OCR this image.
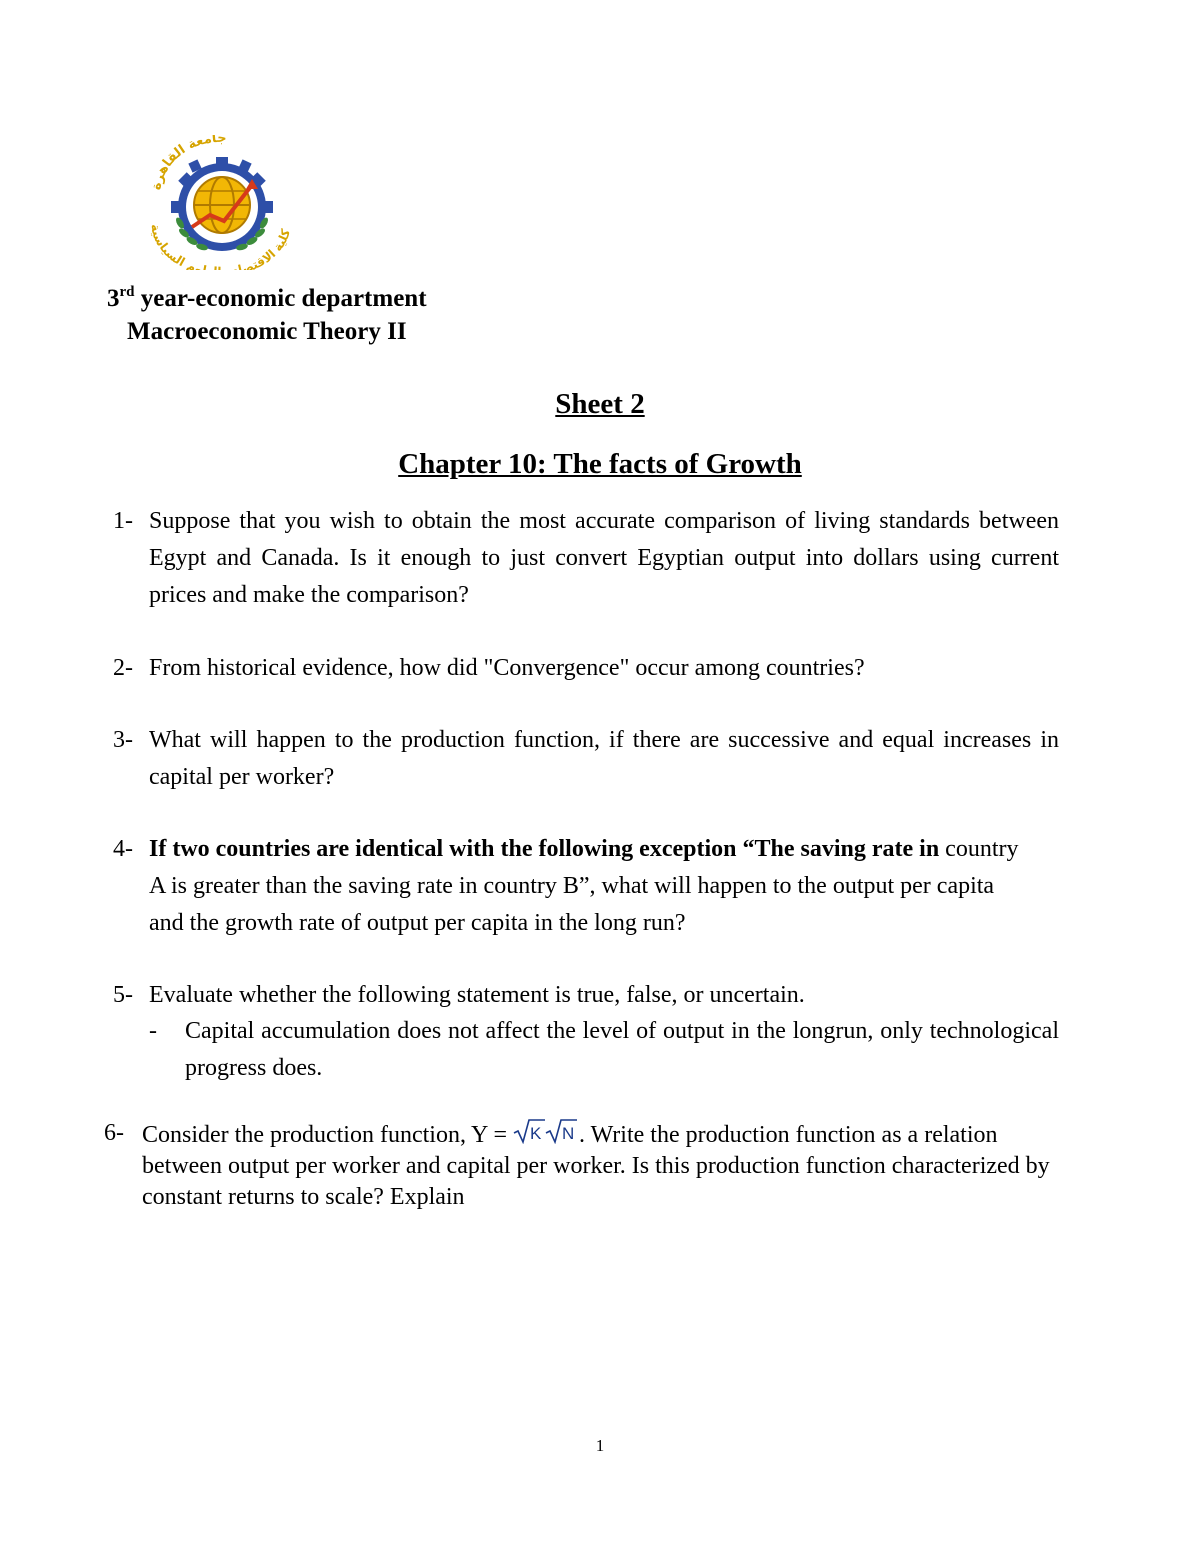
جامعة القاهرة
كلية الاقتصاد وم السياسية
3rd year-economic department
Macroeconomic Theory II
Sheet 2
Chapter 10: The facts of Growth
1- Suppose that you wish to obtain the most accurate comparison of living standards between Egypt and Canada. Is it enough to just convert Egyptian output into dollars using current prices and make the comparison?
2- From historical evidence, how did "Convergence" occur among countries?
3- What will happen to the production function, if there are successive and equal increases in capital per worker?
4- If two countries are identical with the following exception “The saving rate in country A is greater than the saving rate in country B”, what will happen to the output per capita and the growth rate of output per capita in the long run?
5- Evaluate whether the following statement is true, false, or uncertain.
- Capital accumulation does not affect the level of output in the longrun, only technological progress does.
6- Consider the production function, Y = K N . Write the production function as a relation between output per worker and capital per worker. Is this production function characterized by constant returns to scale? Explain
1
